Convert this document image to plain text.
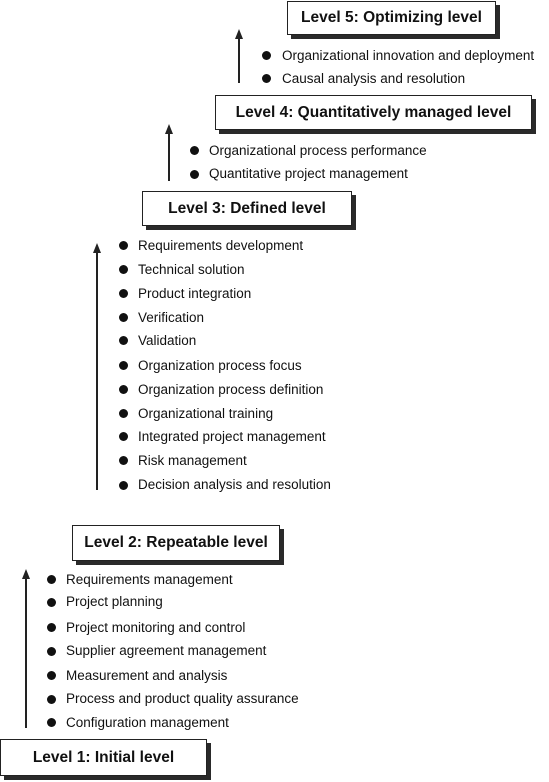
Level 5: Optimizing level
Level 4: Quantitatively managed level
Level 3: Defined level
Level 2: Repeatable level
Level 1: Initial level
Organizational innovation and deployment
Causal analysis and resolution
Organizational process performance
Quantitative project management
Requirements development
Technical solution
Product integration
Verification
Validation
Organization process focus
Organization process definition
Organizational training
Integrated project management
Risk management
Decision analysis and resolution
Requirements management
Project planning
Project monitoring and control
Supplier agreement management
Measurement and analysis
Process and product quality assurance
Configuration management
